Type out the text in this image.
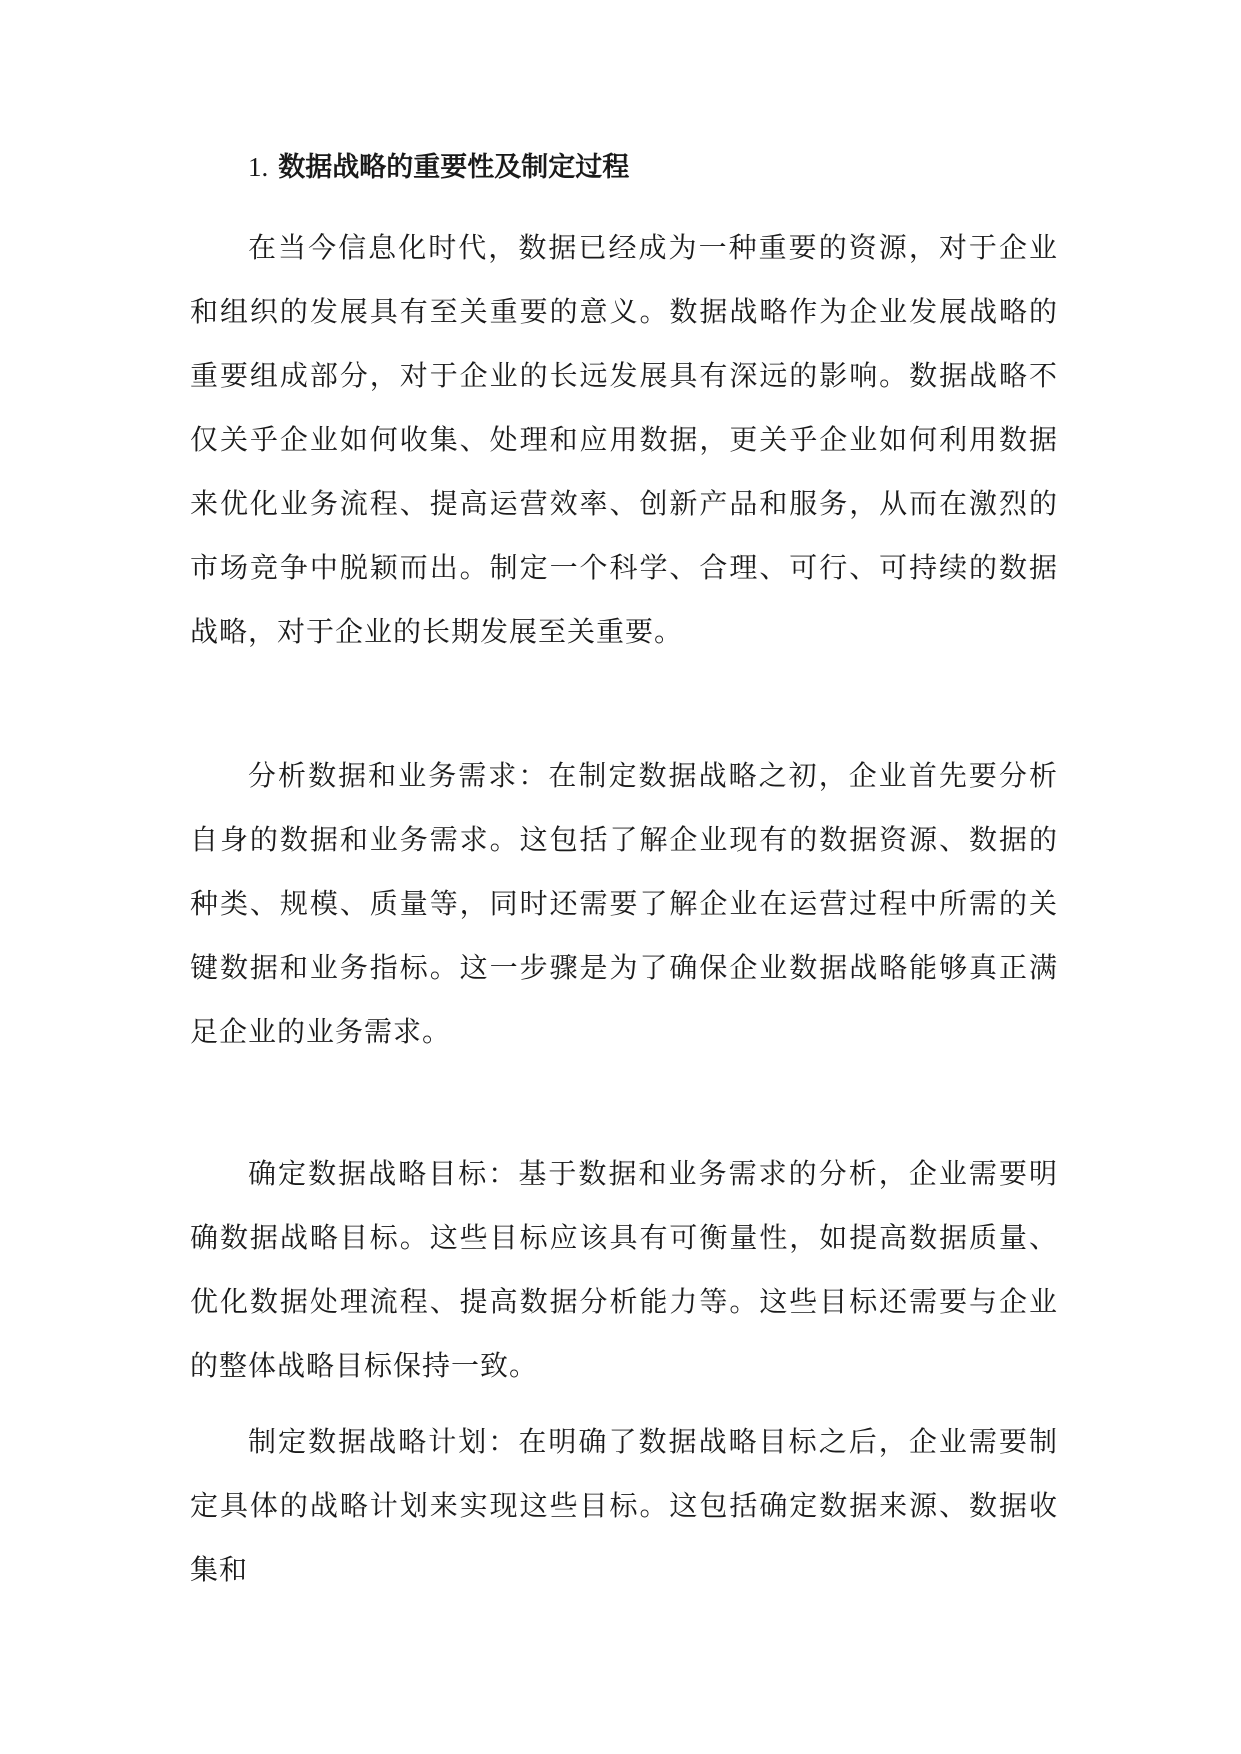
1. 数据战略的重要性及制定过程

在当今信息化时代，数据已经成为一种重要的资源，对于企业和组织的发展具有至关重要的意义。数据战略作为企业发展战略的重要组成部分，对于企业的长远发展具有深远的影响。数据战略不仅关乎企业如何收集、处理和应用数据，更关乎企业如何利用数据来优化业务流程、提高运营效率、创新产品和服务，从而在激烈的市场竞争中脱颖而出。制定一个科学、合理、可行、可持续的数据战略，对于企业的长期发展至关重要。

分析数据和业务需求：在制定数据战略之初，企业首先要分析自身的数据和业务需求。这包括了解企业现有的数据资源、数据的种类、规模、质量等，同时还需要了解企业在运营过程中所需的关键数据和业务指标。这一步骤是为了确保企业数据战略能够真正满足企业的业务需求。

确定数据战略目标：基于数据和业务需求的分析，企业需要明确数据战略目标。这些目标应该具有可衡量性，如提高数据质量、优化数据处理流程、提高数据分析能力等。这些目标还需要与企业的整体战略目标保持一致。

制定数据战略计划：在明确了数据战略目标之后，企业需要制定具体的战略计划来实现这些目标。这包括确定数据来源、数据收集和
